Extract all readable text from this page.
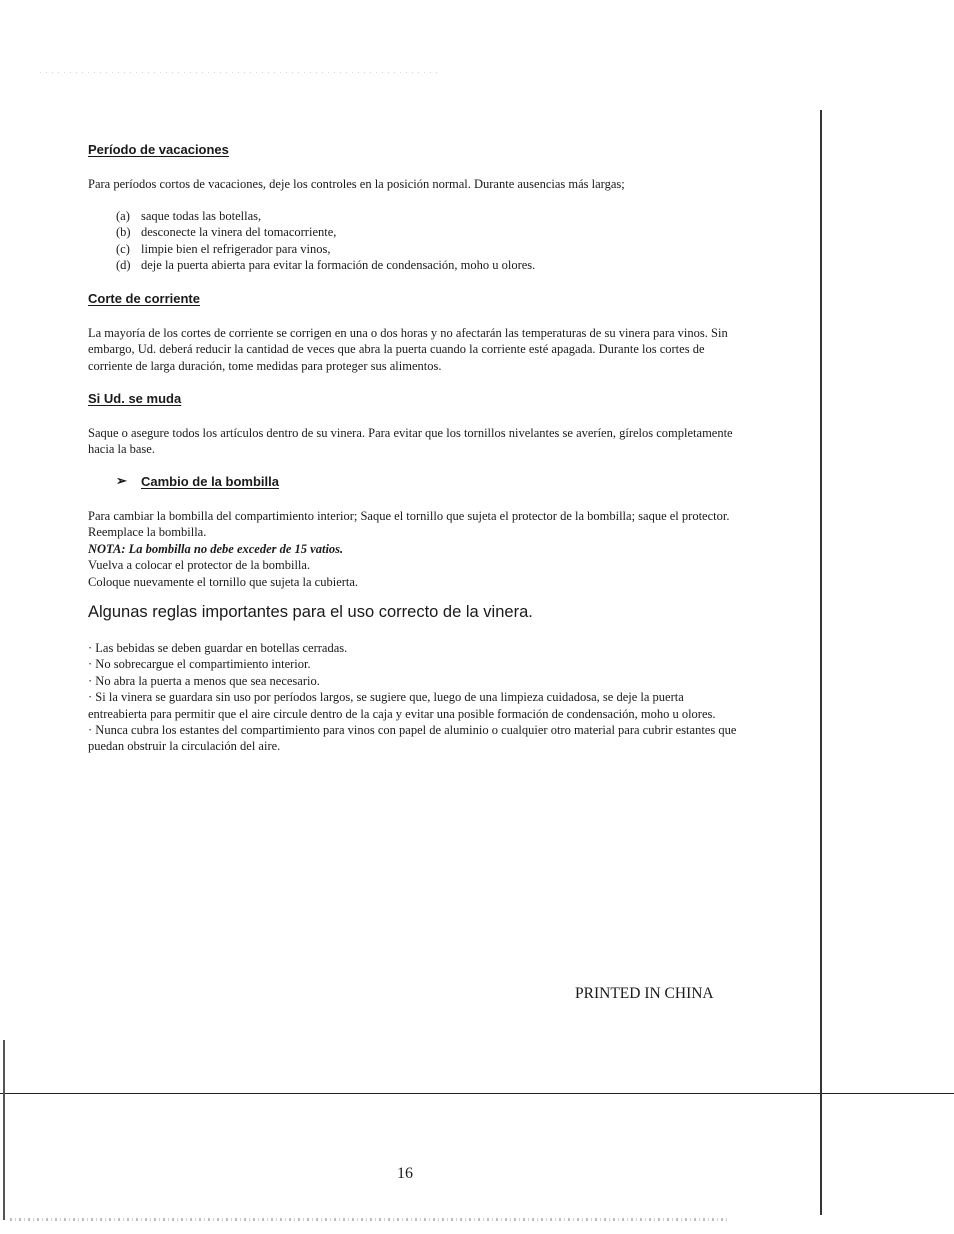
Período de vacaciones

Para períodos cortos de vacaciones, deje los controles en la posición normal. Durante ausencias más largas;

(a) saque todas las botellas,
(b) desconecte la vinera del tomacorriente,
(c) limpie bien el refrigerador para vinos,
(d) deje la puerta abierta para evitar la formación de condensación, moho u olores.
Corte de corriente

La mayoría de los cortes de corriente se corrigen en una o dos horas y no afectarán las temperaturas de su vinera para vinos. Sin embargo, Ud. deberá reducir la cantidad de veces que abra la puerta cuando la corriente esté apagada. Durante los cortes de corriente de larga duración, tome medidas para proteger sus alimentos.

Si Ud. se muda

Saque o asegure todos los artículos dentro de su vinera. Para evitar que los tornillos nivelantes se averíen, gírelos completamente hacia la base.

➢ Cambio de la bombilla
Para cambiar la bombilla del compartimiento interior; Saque el tornillo que sujeta el protector de la bombilla; saque el protector. Reemplace la bombilla.
NOTA: La bombilla no debe exceder de 15 vatios.
Vuelva a colocar el protector de la bombilla.
Coloque nuevamente el tornillo que sujeta la cubierta.
Algunas reglas importantes para el uso correcto de la vinera.
· Las bebidas se deben guardar en botellas cerradas.
· No sobrecargue el compartimiento interior.
· No abra la puerta a menos que sea necesario.
· Si la vinera se guardara sin uso por períodos largos, se sugiere que, luego de una limpieza cuidadosa, se deje la puerta entreabierta para permitir que el aire circule dentro de la caja y evitar una posible formación de condensación, moho u olores.
· Nunca cubra los estantes del compartimiento para vinos con papel de aluminio o cualquier otro material para cubrir estantes que puedan obstruir la circulación del aire.

PRINTED IN CHINA

16
